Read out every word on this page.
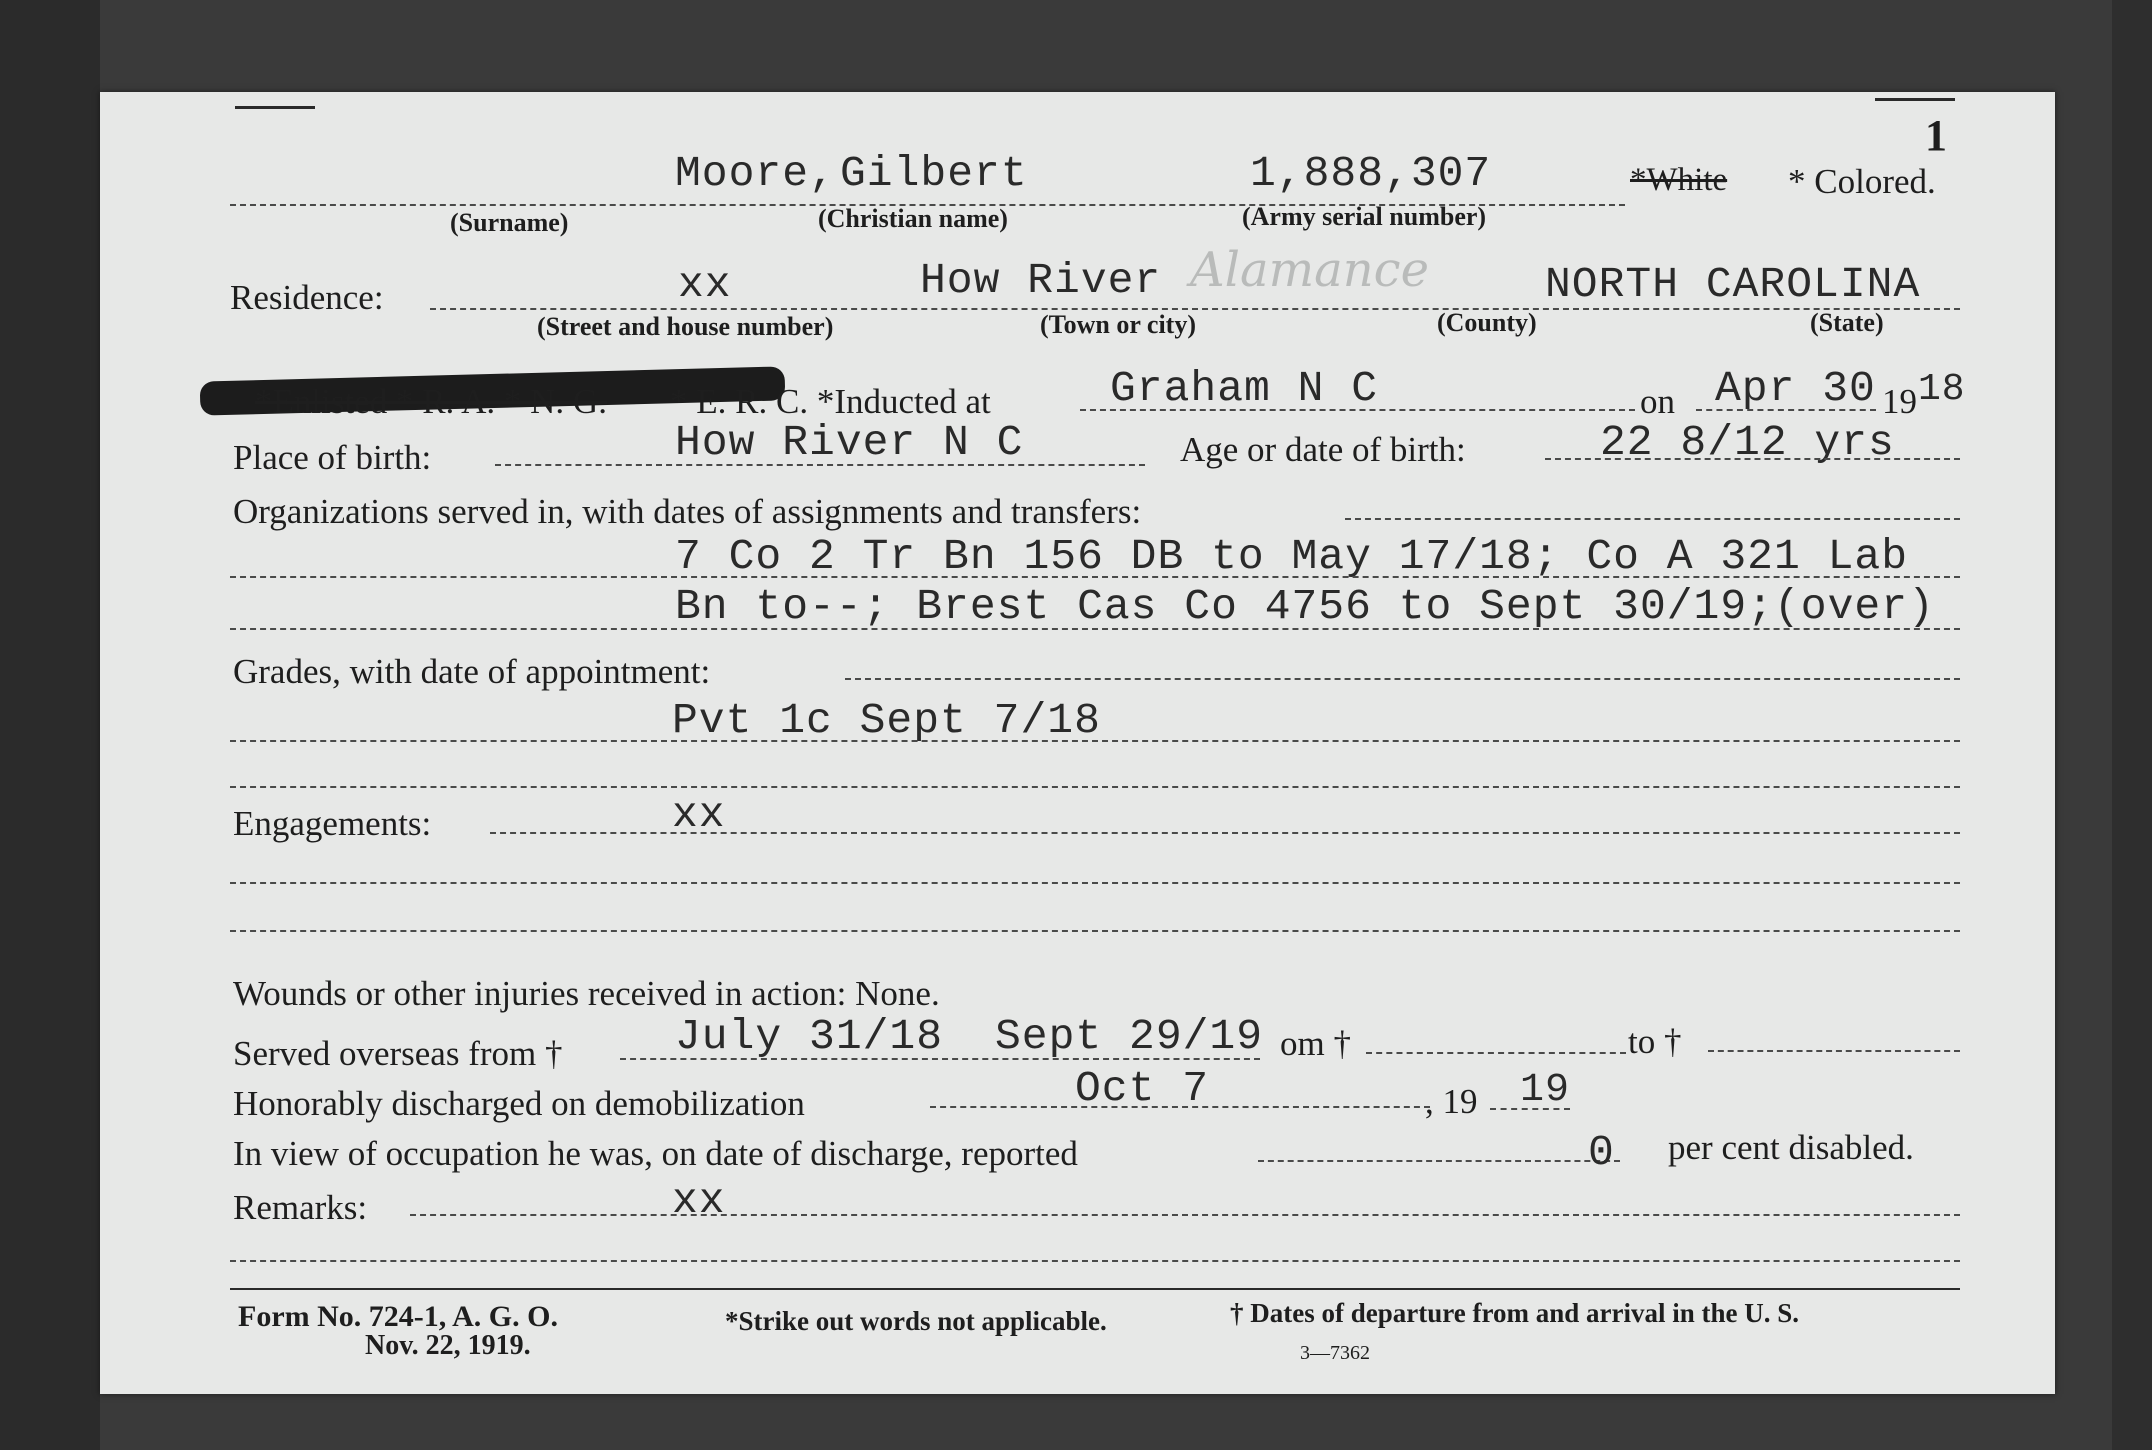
1
Moore, Gilbert	1,888,307	*White * Colored.
(Surname)	(Christian name)	(Army serial number)
Residence:	xx	How River Alamance	NORTH CAROLINA
(Street and house number)	(Town or city)	(County)	(State)
*Enlisted * R. A. * N. G. * E. R. C. *Inducted at	Graham N C	on Apr 30 19 18
Place of birth:	How River N C	Age or date of birth:	22 8/12 yrs
Organizations served in, with dates of assignments and transfers:
7 Co 2 Tr Bn 156 DB to May 17/18; Co A 321 Lab
Bn to--; Brest Cas Co 4756 to Sept 30/19;(over)
Grades, with date of appointment:
Pvt 1c Sept 7/18
Engagements:	xx
Wounds or other injuries received in action: None.
Served overseas from †	July 31/18 Sept 29/19 om †	to †
Honorably discharged on demobilization	Oct 7	, 19 19
In view of occupation he was, on date of discharge, reported	0 per cent disabled.
Remarks:	xx
Form No. 724-1, A. G. O.
Nov. 22, 1919.
*Strike out words not applicable.	† Dates of departure from and arrival in the U. S.
3—7362
